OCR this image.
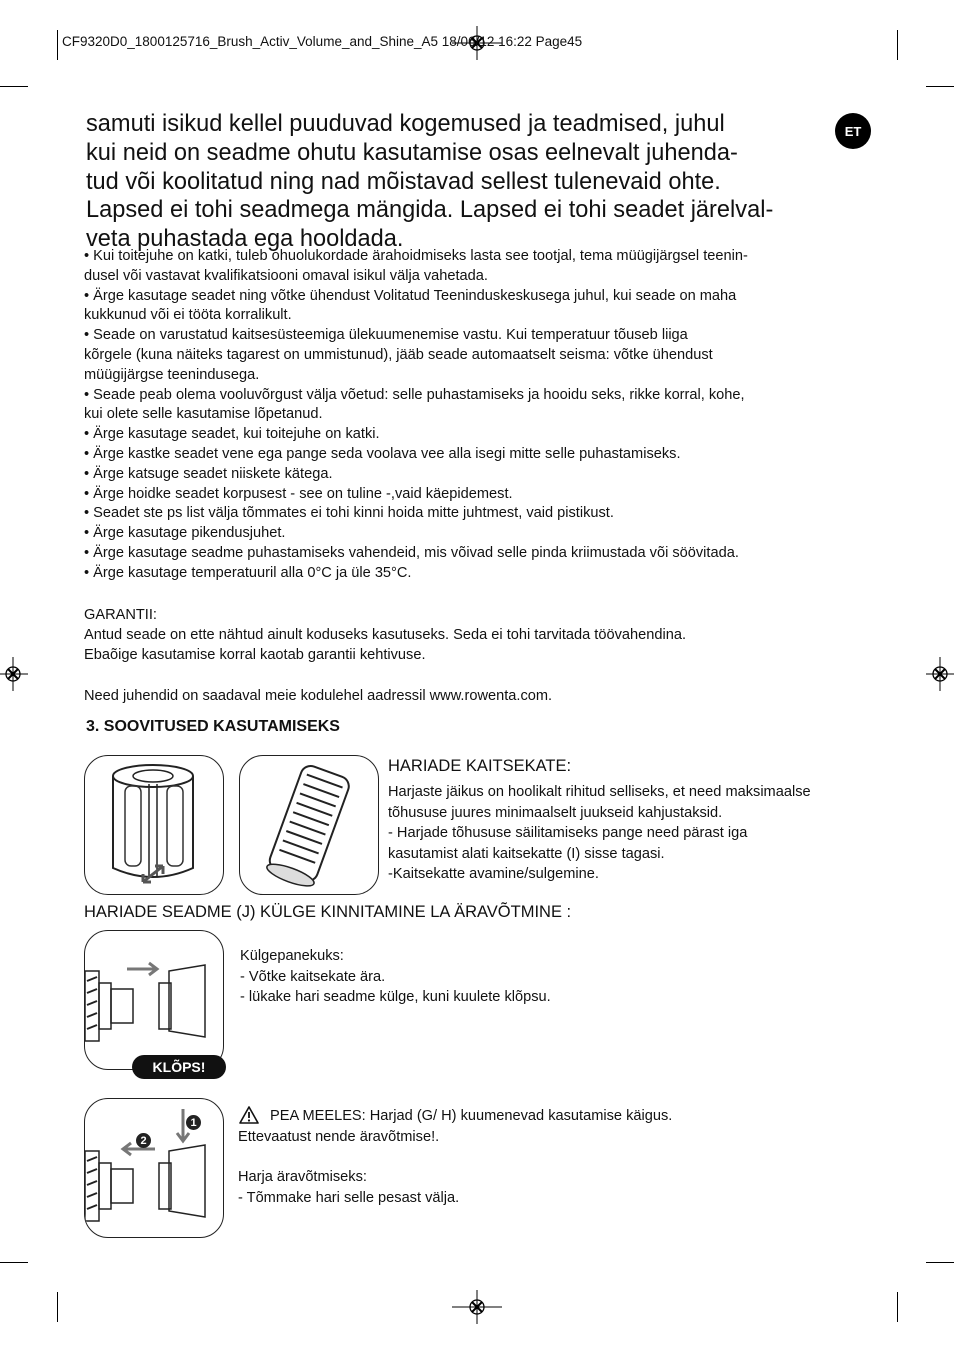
CF9320D0_1800125716_Brush_Activ_Volume_and_Shine_A5 18/06/12 16:22 Page45
ET

samuti isikud kellel puuduvad kogemused ja teadmised, juhul
kui neid on seadme ohutu kasutamise osas eelnevalt juhenda-
tud või koolitatud ning nad mõistavad sellest tulenevaid ohte.
Lapsed ei tohi seadmega mängida. Lapsed ei tohi seadet järelval-
veta puhastada ega hooldada.

• Kui toitejuhe on katki, tuleb ohuolukordade ärahoidmiseks lasta see tootjal, tema müügijärgsel teenin-
dusel või vastavat kvalifikatsiooni omaval isikul välja vahetada.
• Ärge kasutage seadet ning võtke ühendust Volitatud Teeninduskeskusega juhul, kui seade on maha
kukkunud või ei tööta korralikult.
• Seade on varustatud kaitsesüsteemiga ülekuumenemise vastu. Kui temperatuur tõuseb liiga
kõrgele (kuna näiteks tagarest on ummistunud), jääb seade automaatselt seisma: võtke ühendust
müügijärgse teenindusega.
• Seade peab olema vooluvõrgust välja võetud: selle puhastamiseks ja hooidu seks, rikke korral, kohe,
kui olete selle kasutamise lõpetanud.
• Ärge kasutage seadet, kui toitejuhe on katki.
• Ärge kastke seadet vene ega pange seda voolava vee alla isegi mitte selle puhastamiseks.
• Ärge katsuge seadet niiskete kätega.
• Ärge hoidke seadet korpusest - see on tuline -,vaid käepidemest.
• Seadet ste ps list välja tõmmates ei tohi kinni hoida mitte juhtmest, vaid pistikust.
• Ärge kasutage pikendusjuhet.
• Ärge kasutage seadme puhastamiseks vahendeid, mis võivad selle pinda kriimustada või söövitada.
• Ärge kasutage temperatuuril alla 0°C ja üle 35°C.

GARANTII:

Antud seade on ette nähtud ainult koduseks kasutuseks. Seda ei tohi tarvitada töövahendina.

Ebaõige kasutamise korral kaotab garantii kehtivuse.

Need juhendid on saadaval meie kodulehel aadressil www.rowenta.com.

3. SOOVITUSED KASUTAMISEKS

HARIADE KAITSEKATE:

Harjaste jäikus on hoolikalt rihitud selliseks, et need maksimaalse

tõhususe juures minimaalselt juukseid kahjustaksid.

- Harjade tõhususe säilitamiseks pange need pärast iga

kasutamist alati kaitsekatte (I) sisse tagasi.

-Kaitsekatte avamine/sulgemine.

HARIADE SEADME (J) KÜLGE KINNITAMINE LA ÄRAVÕTMINE :

KLÕPS!

Külgepanekuks:

- Võtke kaitsekate ära.

- lükake hari seadme külge, kuni kuulete klõpsu.

1
2

PEA MEELES: Harjad (G/ H) kuumenevad kasutamise käigus.

Ettevaatust nende äravõtmise!.

Harja äravõtmiseks:

- Tõmmake hari selle pesast välja.
